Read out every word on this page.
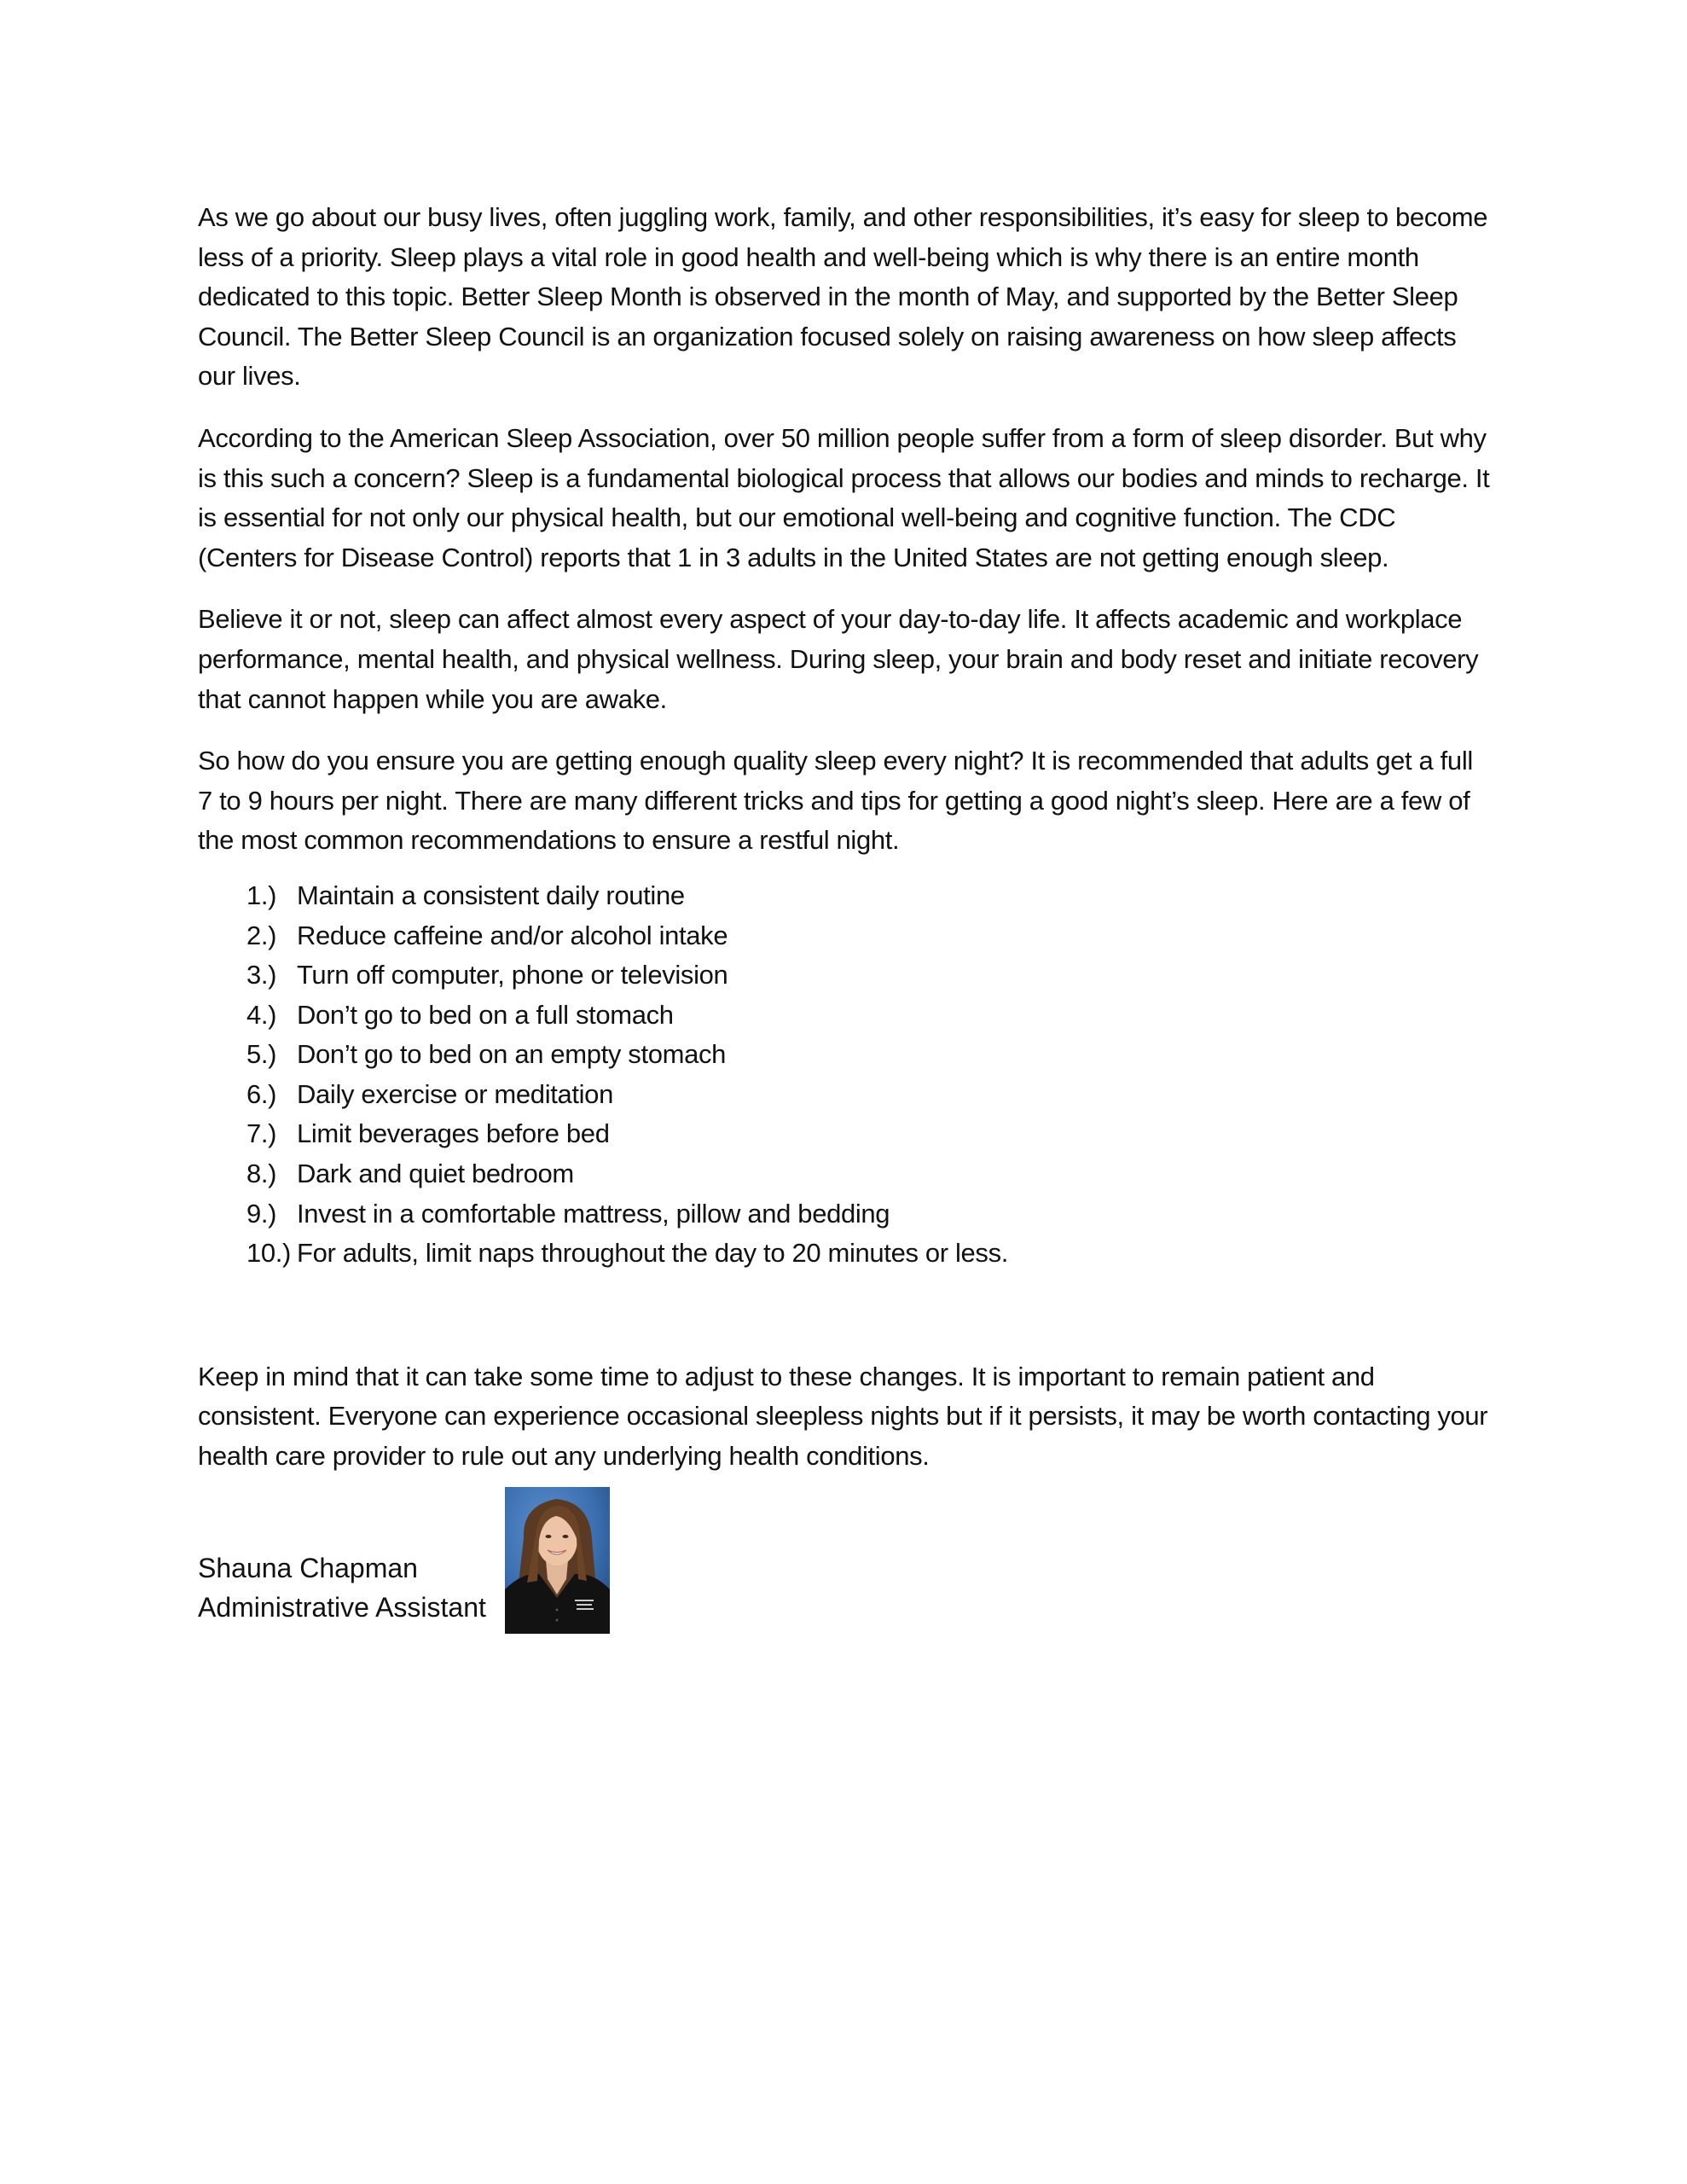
As we go about our busy lives, often juggling work, family, and other responsibilities, it’s easy for sleep to become less of a priority. Sleep plays a vital role in good health and well-being which is why there is an entire month dedicated to this topic. Better Sleep Month is observed in the month of May, and supported by the Better Sleep Council. The Better Sleep Council is an organization focused solely on raising awareness on how sleep affects our lives.

According to the American Sleep Association, over 50 million people suffer from a form of sleep disorder. But why is this such a concern? Sleep is a fundamental biological process that allows our bodies and minds to recharge. It is essential for not only our physical health, but our emotional well-being and cognitive function. The CDC (Centers for Disease Control) reports that 1 in 3 adults in the United States are not getting enough sleep.

Believe it or not, sleep can affect almost every aspect of your day-to-day life. It affects academic and workplace performance, mental health, and physical wellness. During sleep, your brain and body reset and initiate recovery that cannot happen while you are awake.

So how do you ensure you are getting enough quality sleep every night? It is recommended that adults get a full 7 to 9 hours per night. There are many different tricks and tips for getting a good night’s sleep. Here are a few of the most common recommendations to ensure a restful night.

1.) Maintain a consistent daily routine
2.) Reduce caffeine and/or alcohol intake
3.) Turn off computer, phone or television
4.) Don’t go to bed on a full stomach
5.) Don’t go to bed on an empty stomach
6.) Daily exercise or meditation
7.) Limit beverages before bed
8.) Dark and quiet bedroom
9.) Invest in a comfortable mattress, pillow and bedding
10.) For adults, limit naps throughout the day to 20 minutes or less.

Keep in mind that it can take some time to adjust to these changes. It is important to remain patient and consistent. Everyone can experience occasional sleepless nights but if it persists, it may be worth contacting your health care provider to rule out any underlying health conditions.

Shauna Chapman
Administrative Assistant
